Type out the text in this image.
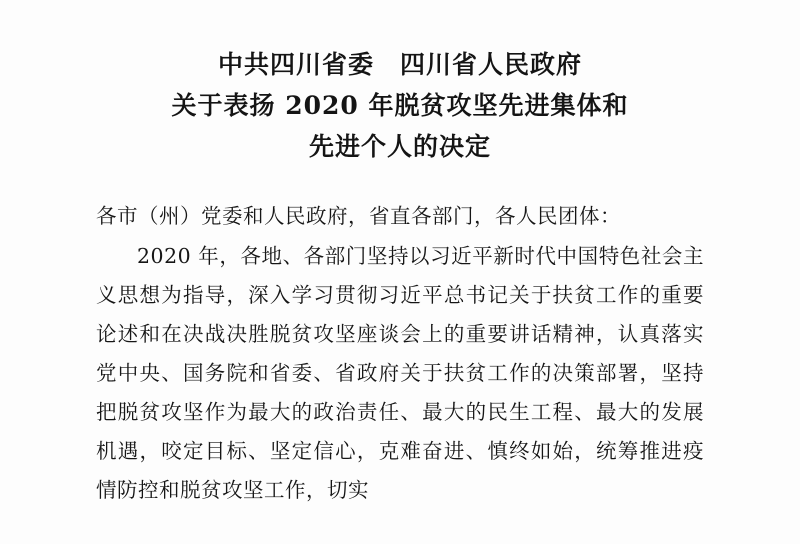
中共四川省委 四川省人民政府
关于表扬 2020 年脱贫攻坚先进集体和
先进个人的决定

各市（州）党委和人民政府，省直各部门，各人民团体：

2020 年，各地、各部门坚持以习近平新时代中国特色社会主义思想为指导，深入学习贯彻习近平总书记关于扶贫工作的重要论述和在决战决胜脱贫攻坚座谈会上的重要讲话精神，认真落实党中央、国务院和省委、省政府关于扶贫工作的决策部署，坚持把脱贫攻坚作为最大的政治责任、最大的民生工程、最大的发展机遇，咬定目标、坚定信心，克难奋进、慎终如始，统筹推进疫情防控和脱贫攻坚工作，切实
